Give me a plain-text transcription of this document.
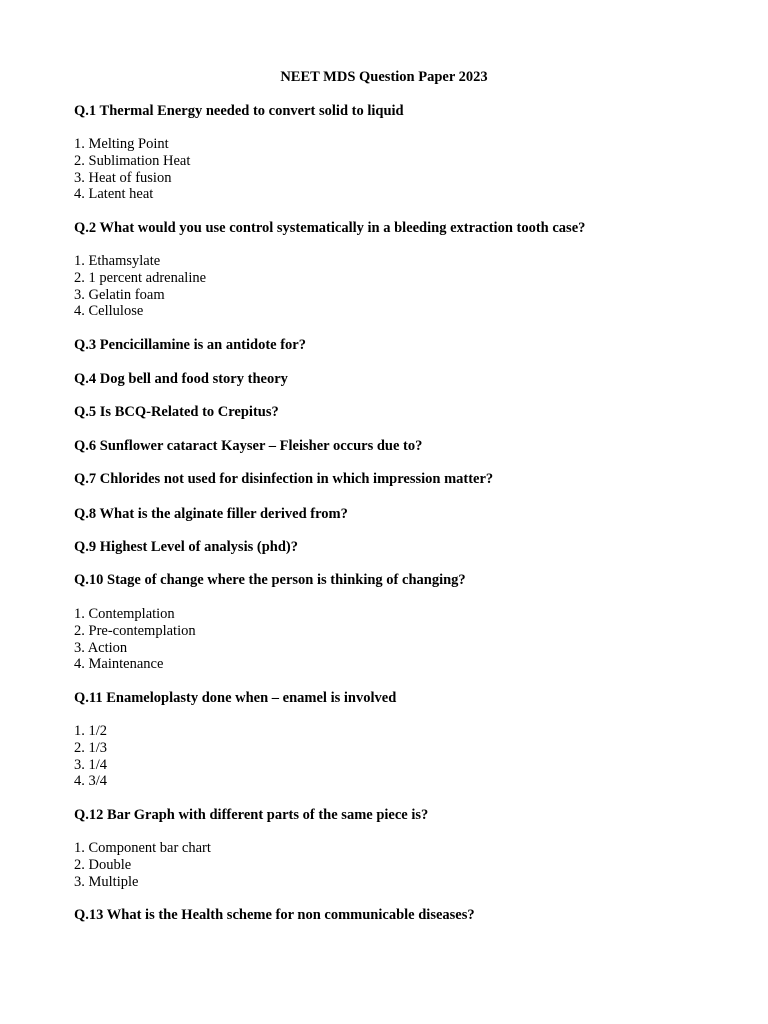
NEET MDS Question Paper 2023
Q.1 Thermal Energy needed to convert solid to liquid
1. Melting Point
2. Sublimation Heat
3. Heat of fusion
4. Latent heat
Q.2 What would you use control systematically in a bleeding extraction tooth case?
1. Ethamsylate
2. 1 percent adrenaline
3. Gelatin foam
4. Cellulose
Q.3 Pencicillamine is an antidote for?
Q.4 Dog bell and food story theory
Q.5 Is BCQ-Related to Crepitus?
Q.6 Sunflower cataract Kayser – Fleisher occurs due to?
Q.7 Chlorides not used for disinfection in which impression matter?
Q.8 What is the alginate filler derived from?
Q.9 Highest Level of analysis (phd)?
Q.10 Stage of change where the person is thinking of changing?
1. Contemplation
2. Pre-contemplation
3. Action
4. Maintenance
Q.11 Enameloplasty done when – enamel is involved
1. 1/2
2. 1/3
3. 1/4
4. 3/4
Q.12 Bar Graph with different parts of the same piece is?
1. Component bar chart
2. Double
3. Multiple
Q.13 What is the Health scheme for non communicable diseases?
